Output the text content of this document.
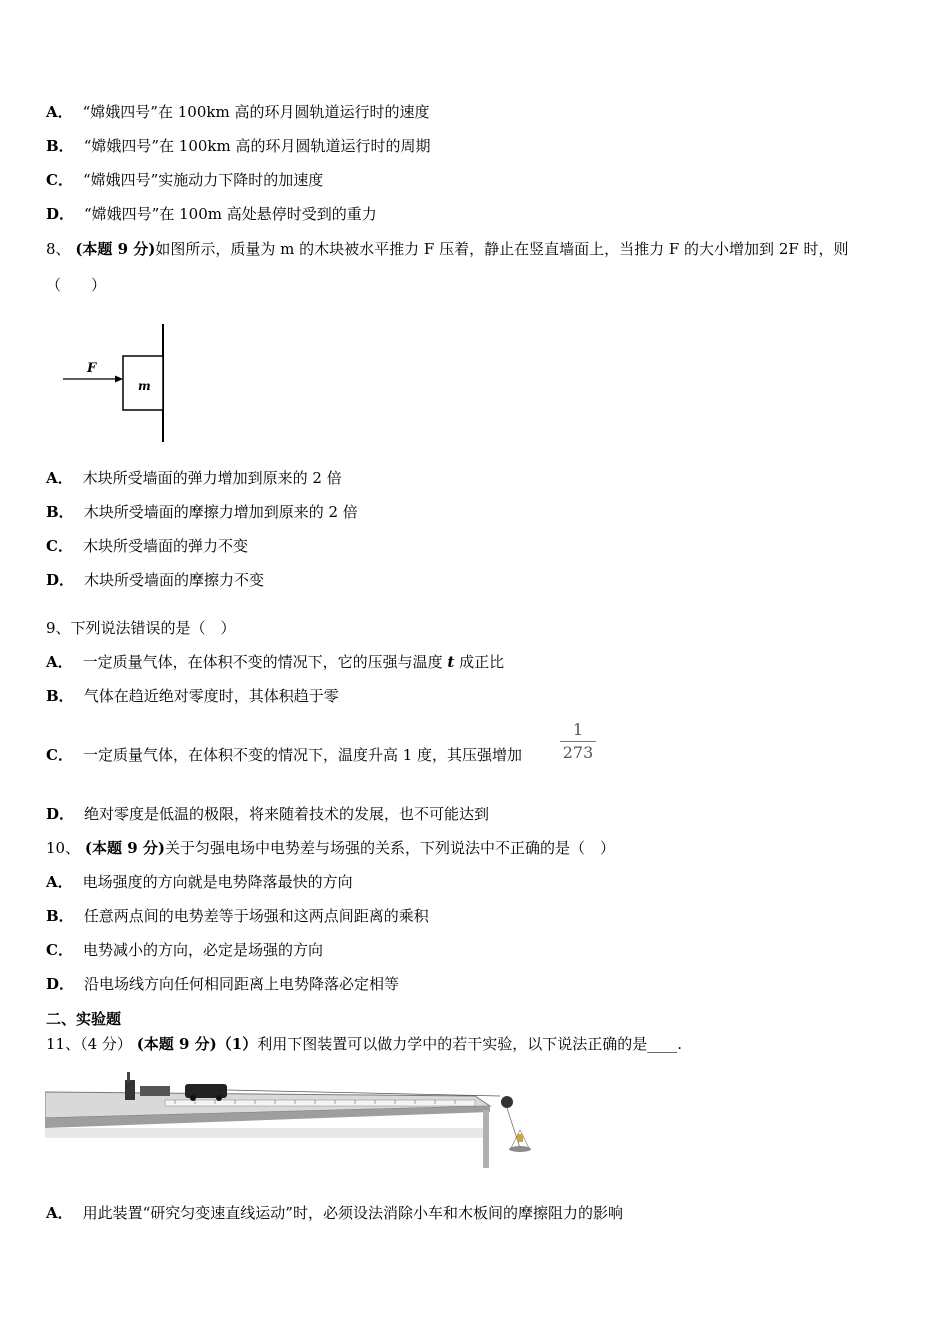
A． “嫦娥四号”在 100km 高的环月圆轨道运行时的速度
B． “嫦娥四号”在 100km 高的环月圆轨道运行时的周期
C． “嫦娥四号”实施动力下降时的加速度
D． “嫦娥四号”在 100m 高处悬停时受到的重力
8、 (本题 9 分)如图所示，质量为 m 的木块被水平推力 F 压着，静止在竖直墙面上，当推力 F 的大小增加到 2F 时，则
（　　）
F
m
A． 木块所受墙面的弹力增加到原来的 2 倍
B． 木块所受墙面的摩擦力增加到原来的 2 倍
C． 木块所受墙面的弹力不变
D． 木块所受墙面的摩擦力不变
9、下列说法错误的是（　）
A． 一定质量气体，在体积不变的情况下，它的压强与温度 t 成正比
B． 气体在趋近绝对零度时，其体积趋于零
C． 一定质量气体，在体积不变的情况下，温度升高 1 度，其压强增加
1
273
D． 绝对零度是低温的极限，将来随着技术的发展，也不可能达到
10、 (本题 9 分)关于匀强电场中电势差与场强的关系，下列说法中不正确的是（　）
A． 电场强度的方向就是电势降落最快的方向
B． 任意两点间的电势差等于场强和这两点间距离的乘积
C． 电势减小的方向，必定是场强的方向
D． 沿电场线方向任何相同距离上电势降落必定相等
二、实验题
11、（4 分） (本题 9 分)（1）利用下图装置可以做力学中的若干实验，以下说法正确的是____.
A． 用此装置“研究匀变速直线运动”时，必须设法消除小车和木板间的摩擦阻力的影响
